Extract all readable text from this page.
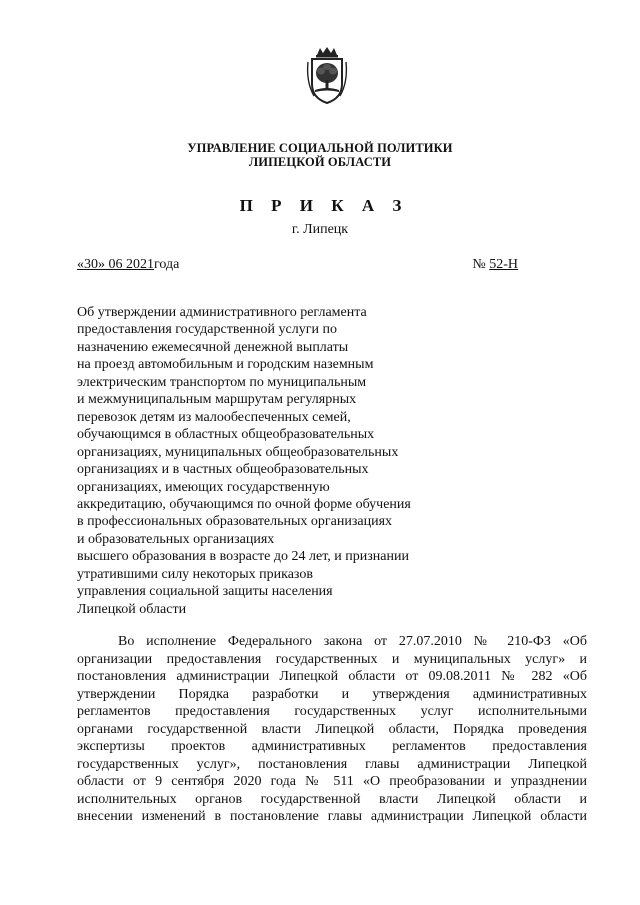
УПРАВЛЕНИЕ СОЦИАЛЬНОЙ ПОЛИТИКИ
ЛИПЕЦКОЙ ОБЛАСТИ
П Р И К А З
г. Липецк
«30» 06 2021года	№ 52-Н
Об утверждении административного регламента
предоставления государственной услуги по
назначению ежемесячной денежной выплаты
на проезд автомобильным и городским наземным
электрическим транспортом по муниципальным
и межмуниципальным маршрутам регулярных
перевозок детям из малообеспеченных семей,
обучающимся в областных общеобразовательных
организациях, муниципальных общеобразовательных
организациях и в частных общеобразовательных
организациях, имеющих государственную
аккредитацию, обучающимся по очной форме обучения
в профессиональных образовательных организациях
и образовательных организациях
высшего образования в возрасте до 24 лет, и признании
утратившими силу некоторых приказов
управления социальной защиты населения
Липецкой области
Во исполнение Федерального закона от 27.07.2010 № 210-ФЗ «Об
организации предоставления государственных и муниципальных услуг» и
постановления администрации Липецкой области от 09.08.2011 № 282 «Об
утверждении Порядка разработки и утверждения административных
регламентов предоставления государственных услуг исполнительными
органами государственной власти Липецкой области, Порядка проведения
экспертизы проектов административных регламентов предоставления
государственных услуг», постановления главы администрации Липецкой
области от 9 сентября 2020 года № 511 «О преобразовании и упразднении
исполнительных органов государственной власти Липецкой области и
внесении изменений в постановление главы администрации Липецкой области
